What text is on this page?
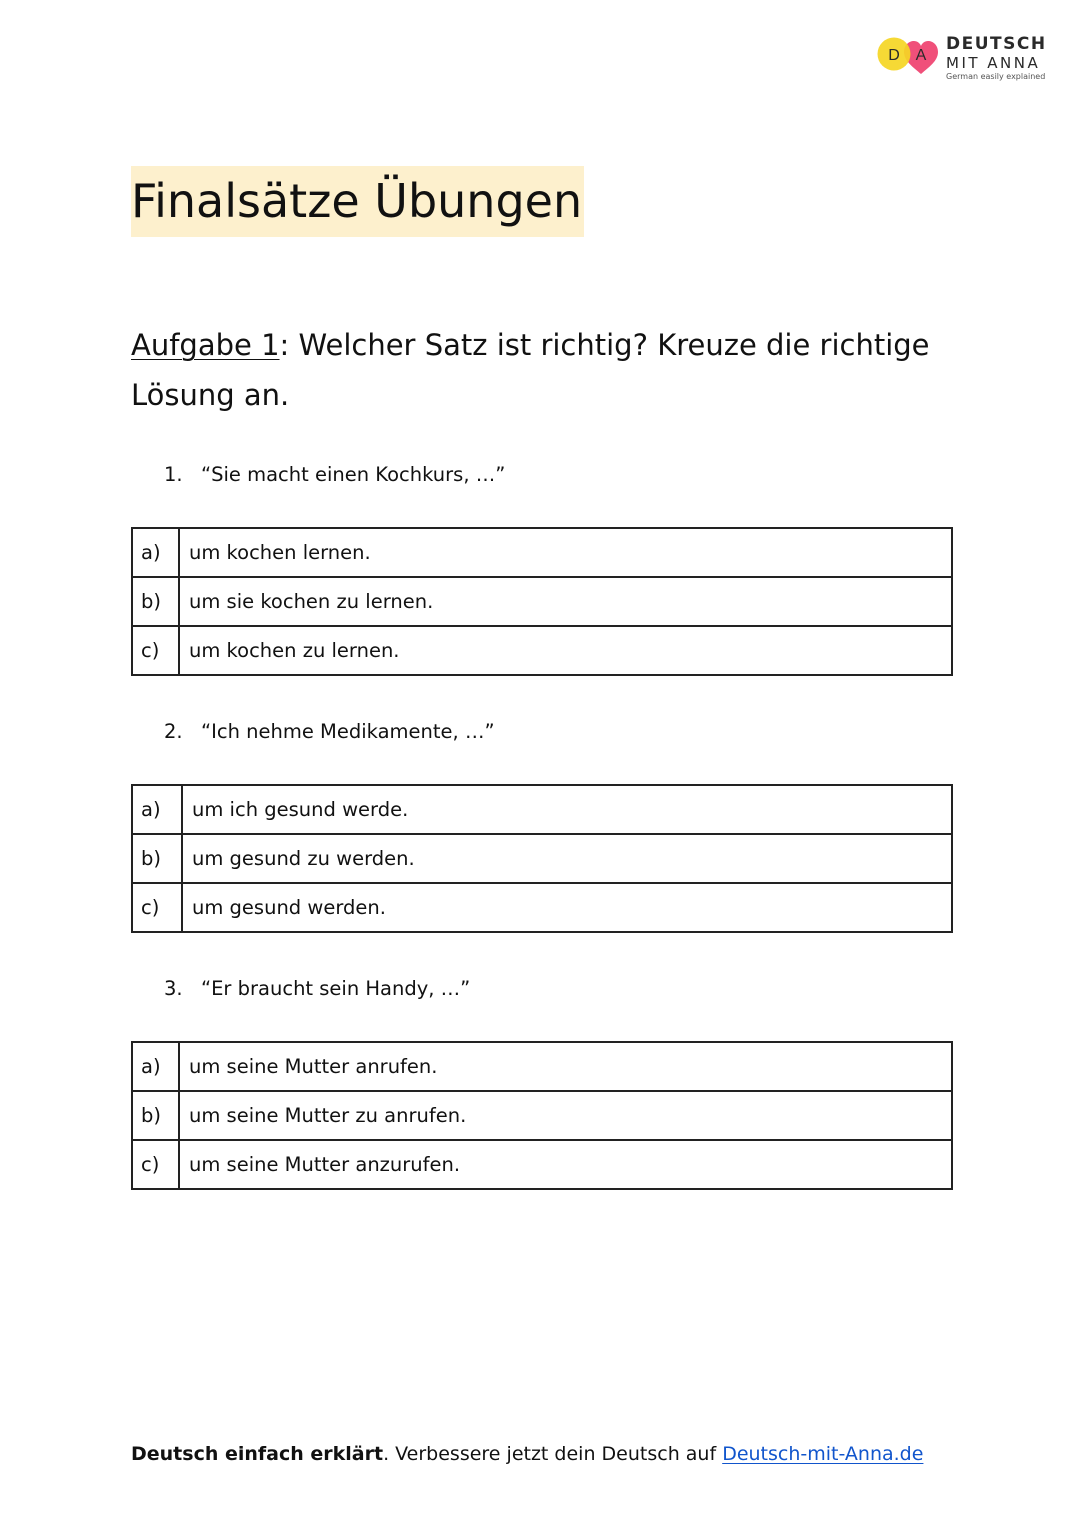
D A
DEUTSCH
MIT ANNA
German easily explained
Finalsätze Übungen
Aufgabe 1: Welcher Satz ist richtig? Kreuze die richtige Lösung an.
1. “Sie macht einen Kochkurs, …”
a)	um kochen lernen.
b)	um sie kochen zu lernen.
c)	um kochen zu lernen.
2. “Ich nehme Medikamente, …”
a)	um ich gesund werde.
b)	um gesund zu werden.
c)	um gesund werden.
3. “Er braucht sein Handy, …”
a)	um seine Mutter anrufen.
b)	um seine Mutter zu anrufen.
c)	um seine Mutter anzurufen.
Deutsch einfach erklärt. Verbessere jetzt dein Deutsch auf Deutsch-mit-Anna.de
